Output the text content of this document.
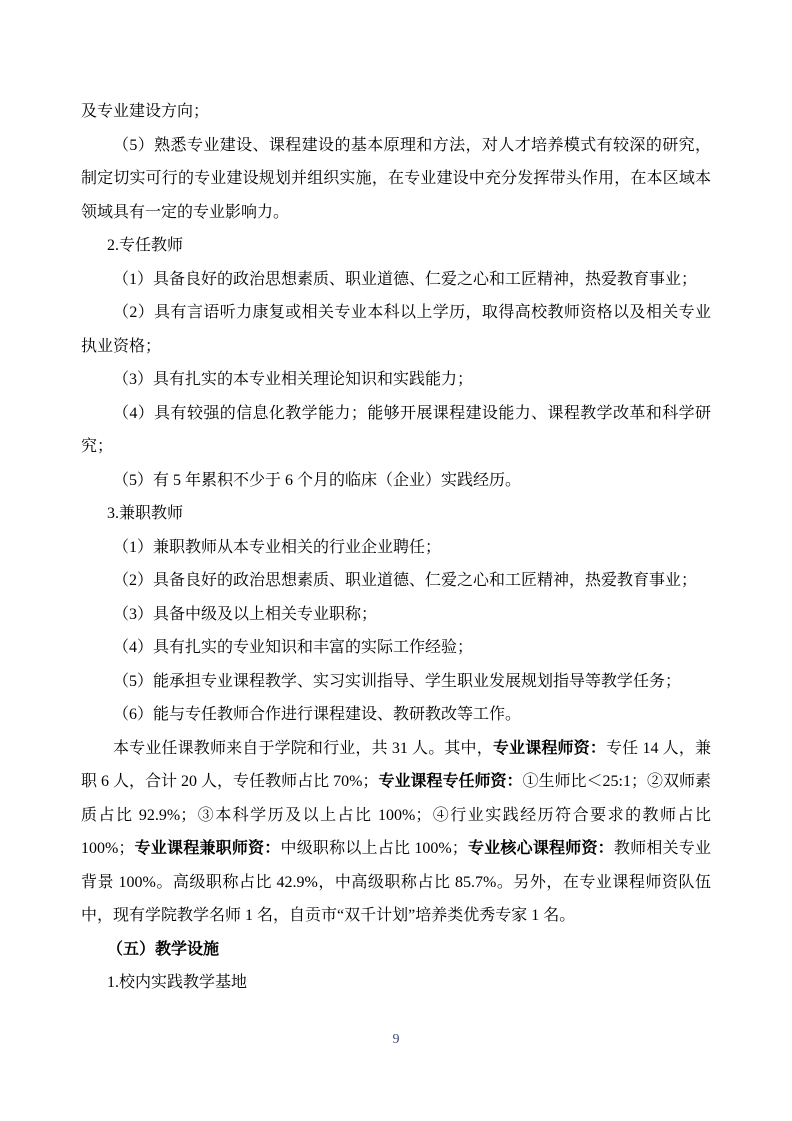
及专业建设方向；

（5）熟悉专业建设、课程建设的基本原理和方法，对人才培养模式有较深的研究，制定切实可行的专业建设规划并组织实施，在专业建设中充分发挥带头作用，在本区域本领域具有一定的专业影响力。

2.专任教师

（1）具备良好的政治思想素质、职业道德、仁爱之心和工匠精神，热爱教育事业；

（2）具有言语听力康复或相关专业本科以上学历，取得高校教师资格以及相关专业执业资格；

（3）具有扎实的本专业相关理论知识和实践能力；

（4）具有较强的信息化教学能力；能够开展课程建设能力、课程教学改革和科学研究；

（5）有 5 年累积不少于 6 个月的临床（企业）实践经历。

3.兼职教师

（1）兼职教师从本专业相关的行业企业聘任；

（2）具备良好的政治思想素质、职业道德、仁爱之心和工匠精神，热爱教育事业；

（3）具备中级及以上相关专业职称；

（4）具有扎实的专业知识和丰富的实际工作经验；

（5）能承担专业课程教学、实习实训指导、学生职业发展规划指导等教学任务；

（6）能与专任教师合作进行课程建设、教研教改等工作。

本专业任课教师来自于学院和行业，共 31 人。其中，专业课程师资：专任 14 人，兼职 6 人，合计 20 人，专任教师占比 70%；专业课程专任师资：①生师比＜25:1；②双师素质占比 92.9%；③本科学历及以上占比 100%；④行业实践经历符合要求的教师占比 100%；专业课程兼职师资：中级职称以上占比 100%；专业核心课程师资：教师相关专业背景 100%。高级职称占比 42.9%，中高级职称占比 85.7%。另外，在专业课程师资队伍中，现有学院教学名师 1 名，自贡市“双千计划”培养类优秀专家 1 名。

（五）教学设施

1.校内实践教学基地

9
